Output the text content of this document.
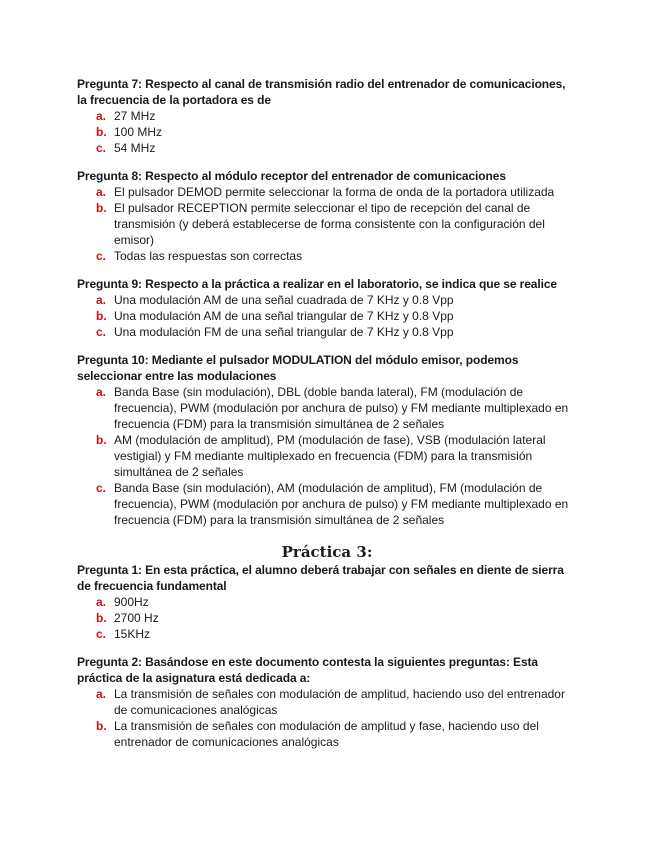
Pregunta 7: Respecto al canal de transmisión radio del entrenador de comunicaciones, la frecuencia de la portadora es de
a. 27 MHz
b. 100 MHz
c. 54 MHz
Pregunta 8: Respecto al módulo receptor del entrenador de comunicaciones
a. El pulsador DEMOD permite seleccionar la forma de onda de la portadora utilizada
b. El pulsador RECEPTION permite seleccionar el tipo de recepción del canal de transmisión (y deberá establecerse de forma consistente con la configuración del emisor)
c. Todas las respuestas son correctas
Pregunta 9: Respecto a la práctica a realizar en el laboratorio, se indica que se realice
a. Una modulación AM de una señal cuadrada de 7 KHz y 0.8 Vpp
b. Una modulación AM de una señal triangular de 7 KHz y 0.8 Vpp
c. Una modulación FM de una señal triangular de 7 KHz y 0.8 Vpp
Pregunta 10: Mediante el pulsador MODULATION del módulo emisor, podemos seleccionar entre las modulaciones
a. Banda Base (sin modulación), DBL (doble banda lateral), FM (modulación de frecuencia), PWM (modulación por anchura de pulso) y FM mediante multiplexado en frecuencia (FDM) para la transmisión simultánea de 2 señales
b. AM (modulación de amplitud), PM (modulación de fase), VSB (modulación lateral vestigial) y FM mediante multiplexado en frecuencia (FDM) para la transmisión simultánea de 2 señales
c. Banda Base (sin modulación), AM (modulación de amplitud), FM (modulación de frecuencia), PWM (modulación por anchura de pulso) y FM mediante multiplexado en frecuencia (FDM) para la transmisión simultánea de 2 señales
Práctica 3:
Pregunta 1: En esta práctica, el alumno deberá trabajar con señales en diente de sierra de frecuencia fundamental
a. 900Hz
b. 2700 Hz
c. 15KHz
Pregunta 2: Basándose en este documento contesta la siguientes preguntas: Esta práctica de la asignatura está dedicada a:
a. La transmisión de señales con modulación de amplitud, haciendo uso del entrenador de comunicaciones analógicas
b. La transmisión de señales con modulación de amplitud y fase, haciendo uso del entrenador de comunicaciones analógicas
